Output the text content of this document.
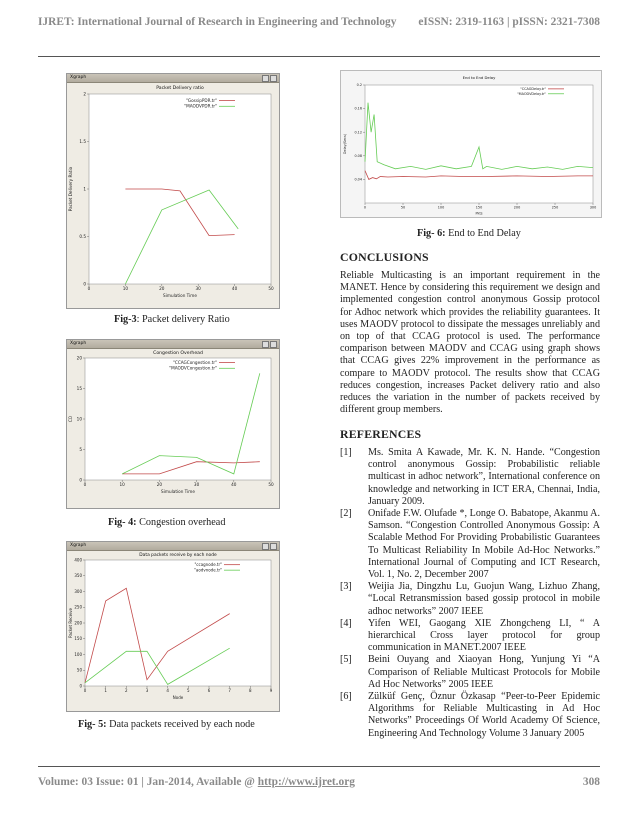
IJRET: International Journal of Research in Engineering and Technology eISSN: 2319-1163 | pISSN: 2321-7308
Xgraph
Packet Delivery ratio
0	10	20	30	40	50
0
0.5
1
1.5
2
Simulation Time
Packet Delivery Ratio
"GossipPDR.tr"
"MAODVPDR.tr"
Fig-3: Packet delivery Ratio
Xgraph
Congestion Overhead
0	10	20	30	40	50
0
5
10
15
20
Simulation Time
CO
"CCAGCongestion.tr"
"MAODVCongestion.tr"
Fig- 4: Congestion overhead
Xgraph
Data packets receive by each node
0	1	2	3	4	5	6	7	8	9
0
50
100
150
200
250
300
350
400
Node
Packet Receive
"ccagnode.tr"
"aodvnode.tr"
Fig- 5: Data packets received by each node
End to End Delay
0	50	100	150	200	250	300
0.04
0.08
0.12
0.16
0.2
Pkts
Delay(Secs)
"CCAGDelay.tr"
"MAODVDelay.tr"
Fig- 6: End to End Delay
CONCLUSIONS
Reliable Multicasting is an important requirement in the MANET. Hence by considering this requirement we design and implemented congestion control anonymous Gossip protocol for Adhoc network which provides the reliability guarantees. It uses MAODV protocol to dissipate the messages unreliably and on top of that CCAG protocol is used. The performance comparison between MAODV and CCAG using graph shows that CCAG gives 22% improvement in the performance as compare to MAODV protocol. The results show that CCAG reduces congestion, increases Packet delivery ratio and also reduces the variation in the number of packets received by different group members.
REFERENCES
[1] Ms. Smita A Kawade, Mr. K. N. Hande. “Congestion control anonymous Gossip: Probabilistic reliable multicast in adhoc network”, International conference on knowledge and networking in ICT ERA, Chennai, India, January 2009.
[2] Onifade F.W. Olufade *, Longe O. Babatope, Akanmu A. Samson. “Congestion Controlled Anonymous Gossip: A Scalable Method For Providing Probabilistic Guarantees To Multicast Reliability In Mobile Ad-Hoc Networks.” International Journal of Computing and ICT Research, Vol. 1, No. 2, December 2007
[3] Weijia Jia, Dingzhu Lu, Guojun Wang, Lizhuo Zhang, “Local Retransmission based gossip protocol in mobile adhoc networks” 2007 IEEE
[4] Yifen WEI, Gaogang XIE Zhongcheng LI, “ A hierarchical Cross layer protocol for group communication in MANET.2007 IEEE
[5] Beini Ouyang and Xiaoyan Hong, Yunjung Yi “A Comparison of Reliable Multicast Protocols for Mobile Ad Hoc Networks” 2005 IEEE
[6] Zülküf Genç, Öznur Özkasap “Peer-to-Peer Epidemic Algorithms for Reliable Multicasting in Ad Hoc Networks” Proceedings Of World Academy Of Science, Engineering And Technology Volume 3 January 2005
Volume: 03 Issue: 01 | Jan-2014, Available @ http://www.ijret.org	308
